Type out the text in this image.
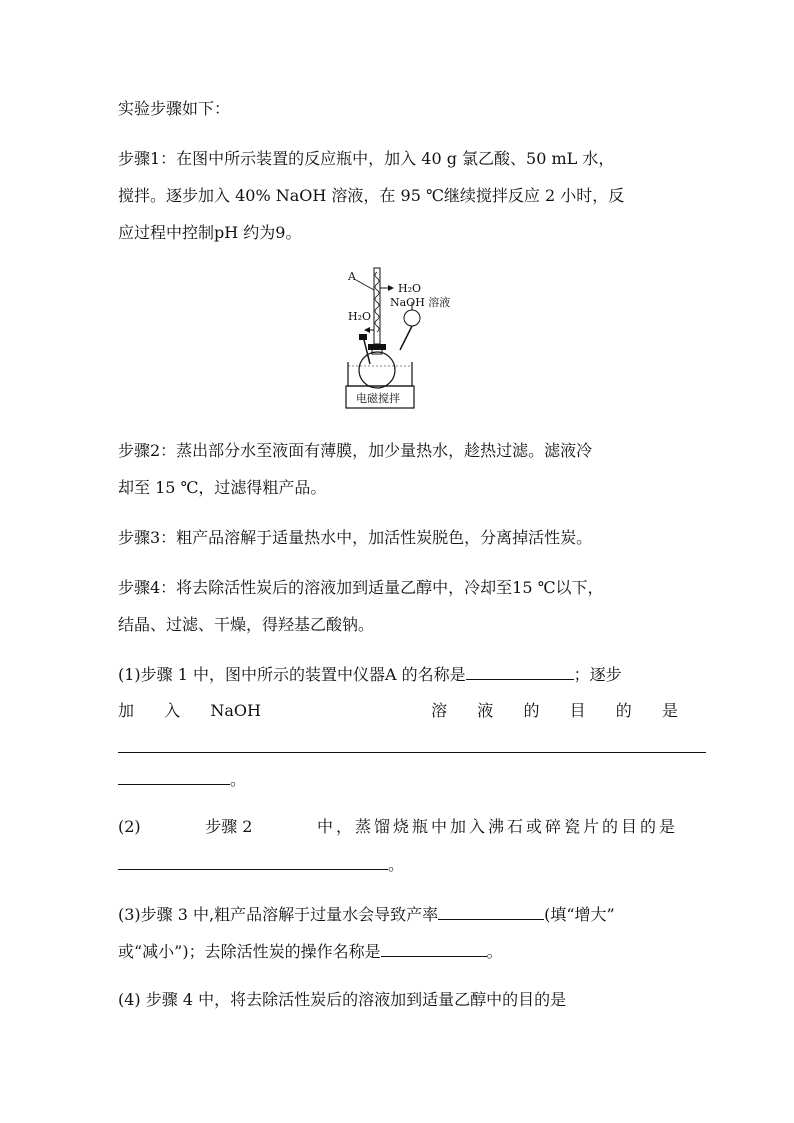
实验步骤如下：
步骤1：在图中所示装置的反应瓶中，加入 40 g 氯乙酸、50 mL 水，
搅拌。逐步加入 40% NaOH 溶液，在 95 ℃继续搅拌反应 2 小时，反
应过程中控制pH 约为9。
A
H₂O
NaOH 溶液
H₂O
电磁搅拌
步骤2：蒸出部分水至液面有薄膜，加少量热水，趁热过滤。滤液冷
却至 15 ℃，过滤得粗产品。
步骤3：粗产品溶解于适量热水中，加活性炭脱色，分离掉活性炭。
步骤4：将去除活性炭后的溶液加到适量乙醇中，冷却至15 ℃以下，
结晶、过滤、干燥，得羟基乙酸钠。
(1)步骤 1 中，图中所示的装置中仪器A 的名称是	；逐步
加 入 NaOH	溶 液 的 目 的 是
。
(2)	步骤 2	中，蒸馏烧瓶中加入沸石或碎瓷片的目的是
。
(3)步骤 3 中,粗产品溶解于过量水会导致产率	(填“增大”
或“减小”)；去除活性炭的操作名称是	。
(4) 步骤 4 中，将去除活性炭后的溶液加到适量乙醇中的目的是
